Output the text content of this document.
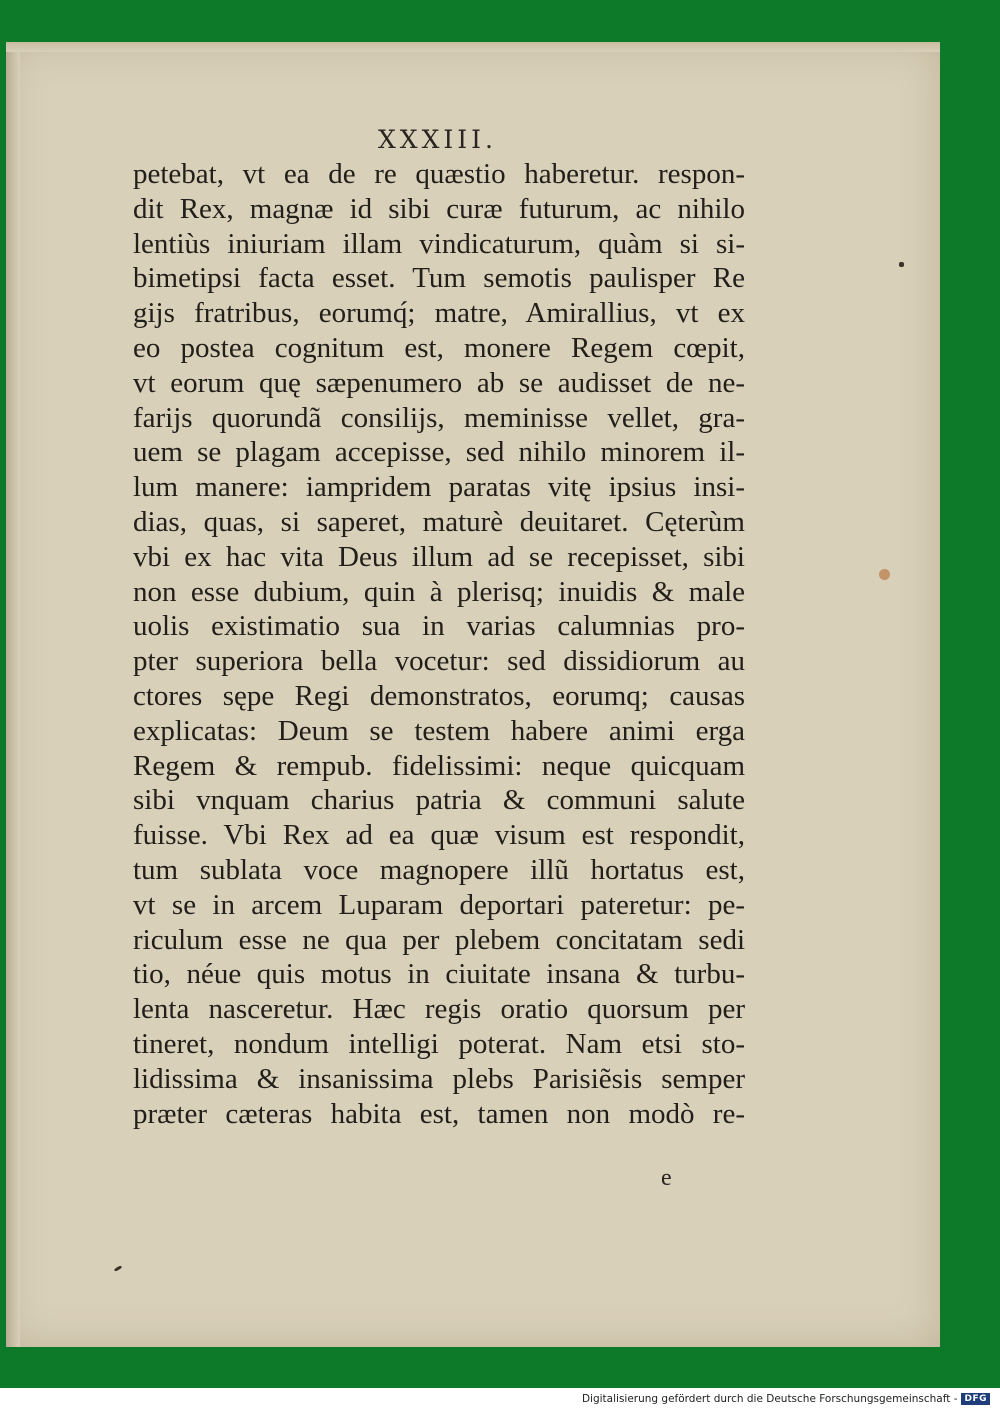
XXXIII.
petebat, vt ea de re quæstio haberetur. respon-
dit Rex, magnæ id sibi curæ futurum, ac nihilo
lentiùs iniuriam illam vindicaturum, quàm si si-
bimetipsi facta esset. Tum semotis paulisper Re
gijs fratribus, eorumq́; matre, Amirallius, vt ex
eo postea cognitum est, monere Regem cœpit,
vt eorum quę sæpenumero ab se audisset de ne-
farijs quorundã consilijs, meminisse vellet, gra-
uem se plagam accepisse, sed nihilo minorem il-
lum manere: iampridem paratas vitę ipsius insi-
dias, quas, si saperet, maturè deuitaret. Cęterùm
vbi ex hac vita Deus illum ad se recepisset, sibi
non esse dubium, quin à plerisq; inuidis & male
uolis existimatio sua in varias calumnias pro-
pter superiora bella vocetur: sed dissidiorum au
ctores sępe Regi demonstratos, eorumq; causas
explicatas: Deum se testem habere animi erga
Regem & rempub. fidelissimi: neque quicquam
sibi vnquam charius patria & communi salute
fuisse. Vbi Rex ad ea quæ visum est respondit,
tum sublata voce magnopere illũ hortatus est,
vt se in arcem Luparam deportari pateretur: pe-
riculum esse ne qua per plebem concitatam sedi
tio, néue quis motus in ciuitate insana & turbu-
lenta nasceretur. Hæc regis oratio quorsum per
tineret, nondum intelligi poterat. Nam etsi sto-
lidissima & insanissima plebs Parisiẽsis semper
præter cæteras habita est, tamen non modò re-
e
Digitalisierung gefördert durch die Deutsche Forschungsgemeinschaft - DFG
